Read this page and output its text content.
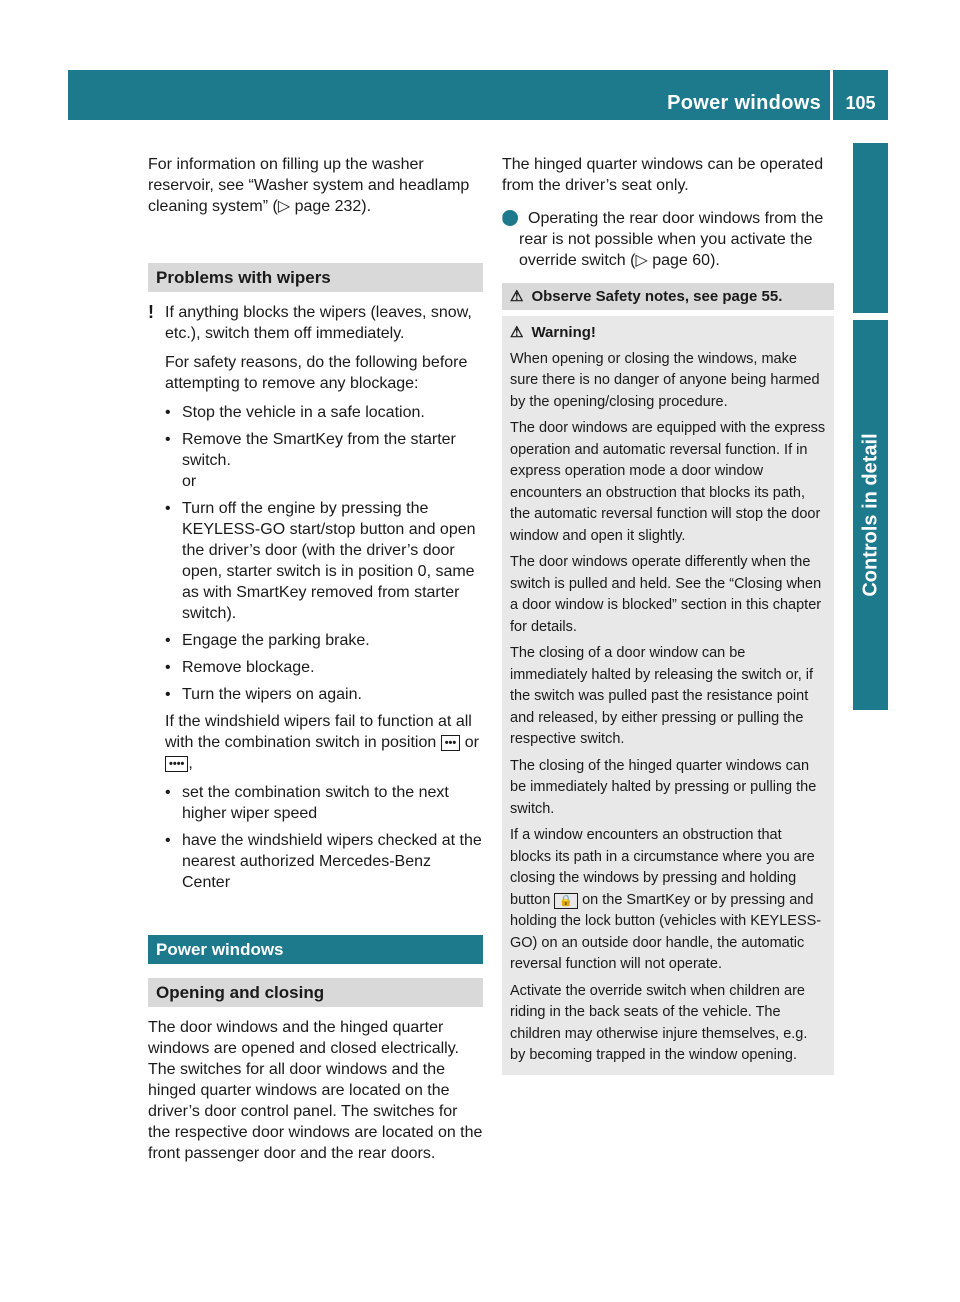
Power windows	105
Controls in detail

For information on filling up the washer reservoir, see “Washer system and headlamp cleaning system” (▷ page 232).

Problems with wipers
! If anything blocks the wipers (leaves, snow, etc.), switch them off immediately.

For safety reasons, do the following before attempting to remove any blockage:

• Stop the vehicle in a safe location.
• Remove the SmartKey from the starter switch.
or
• Turn off the engine by pressing the KEYLESS-GO start/stop button and open the driver’s door (with the driver’s door open, starter switch is in position 0, same as with SmartKey removed from starter switch).
• Engage the parking brake.
• Remove blockage.
• Turn the wipers on again.

If the windshield wipers fail to function at all with the combination switch in position ••• or •••• ,

• set the combination switch to the next higher wiper speed
• have the windshield wipers checked at the nearest authorized Mercedes-Benz Center
Power windows
Opening and closing

The door windows and the hinged quarter windows are opened and closed electrically. The switches for all door windows and the hinged quarter windows are located on the driver’s door control panel. The switches for the respective door windows are located on the front passenger door and the rear doors.

The hinged quarter windows can be operated from the driver’s seat only.

i Operating the rear door windows from the rear is not possible when you activate the override switch (▷ page 60).
⚠ Observe Safety notes, see page 55.

⚠ Warning!

When opening or closing the windows, make sure there is no danger of anyone being harmed by the opening/closing procedure.

The door windows are equipped with the express operation and automatic reversal function. If in express operation mode a door window encounters an obstruction that blocks its path, the automatic reversal function will stop the door window and open it slightly.

The door windows operate differently when the switch is pulled and held. See the “Closing when a door window is blocked” section in this chapter for details.

The closing of a door window can be immediately halted by releasing the switch or, if the switch was pulled past the resistance point and released, by either pressing or pulling the respective switch.

The closing of the hinged quarter windows can be immediately halted by pressing or pulling the switch.

If a window encounters an obstruction that blocks its path in a circumstance where you are closing the windows by pressing and holding button 🔒 on the SmartKey or by pressing and holding the lock button (vehicles with KEYLESS-GO) on an outside door handle, the automatic reversal function will not operate.

Activate the override switch when children are riding in the back seats of the vehicle. The children may otherwise injure themselves, e.g. by becoming trapped in the window opening.
